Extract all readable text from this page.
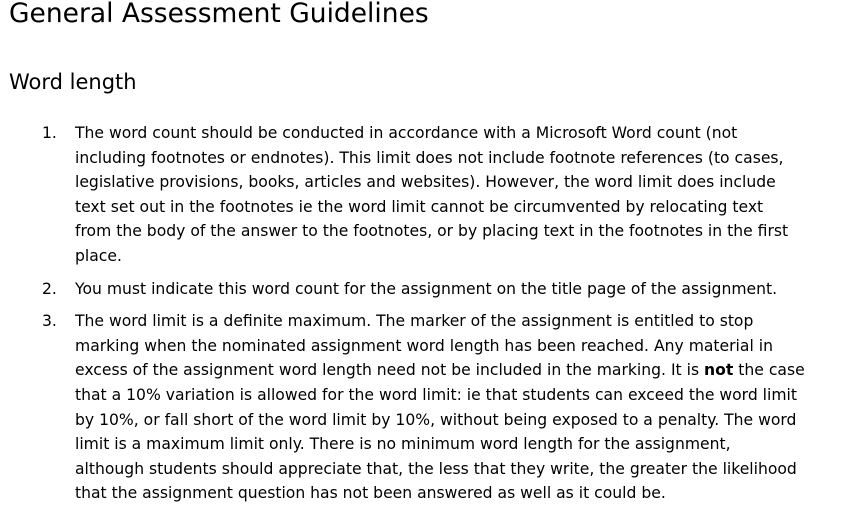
General Assessment Guidelines
Word length
1. The word count should be conducted in accordance with a Microsoft Word count (not
including footnotes or endnotes). This limit does not include footnote references (to cases,
legislative provisions, books, articles and websites). However, the word limit does include
text set out in the footnotes ie the word limit cannot be circumvented by relocating text
from the body of the answer to the footnotes, or by placing text in the footnotes in the first
place.

2. You must indicate this word count for the assignment on the title page of the assignment.

3. The word limit is a definite maximum. The marker of the assignment is entitled to stop
marking when the nominated assignment word length has been reached. Any material in
excess of the assignment word length need not be included in the marking. It is not the case
that a 10% variation is allowed for the word limit: ie that students can exceed the word limit
by 10%, or fall short of the word limit by 10%, without being exposed to a penalty. The word
limit is a maximum limit only. There is no minimum word length for the assignment,
although students should appreciate that, the less that they write, the greater the likelihood
that the assignment question has not been answered as well as it could be.
